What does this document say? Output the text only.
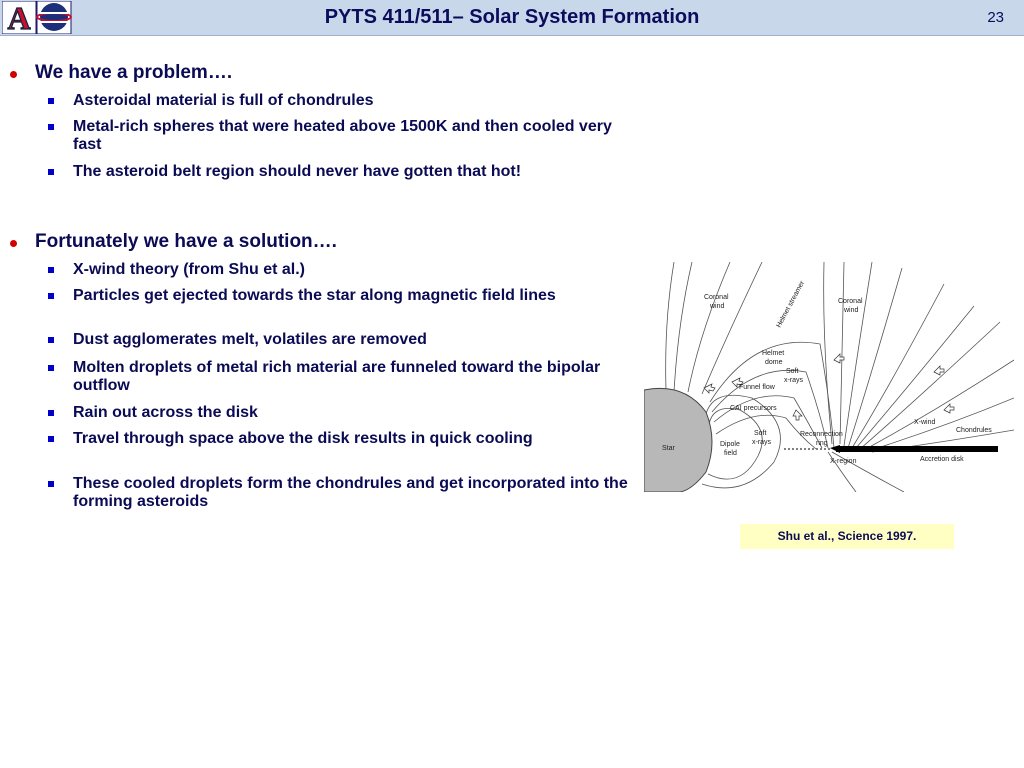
A	PYTS 411/511– Solar System Formation	23
We have a problem….
Asteroidal material is full of chondrules
Metal-rich spheres that were heated above 1500K and then cooled very fast
The asteroid belt region should never have gotten that hot!
Fortunately we have a solution….
X-wind theory (from Shu et al.)
Particles get ejected towards the star along magnetic field lines
Dust agglomerates melt, volatiles are removed
Molten droplets of metal rich material are funneled toward the bipolar outflow
Rain out across the disk
Travel through space above the disk results in quick cooling
These cooled droplets form the chondrules and get incorporated into the forming asteroids
Coronal
wind	Helmet streamer	Coronal
wind
Helmet
dome
Soft
x-rays
Funnel flow
CAI precursors
Soft
x-rays
Reconnection
ring
Star
Dipole
field
X-region
X-wind
Chondrules
Accretion disk
Shu et al., Science 1997.
